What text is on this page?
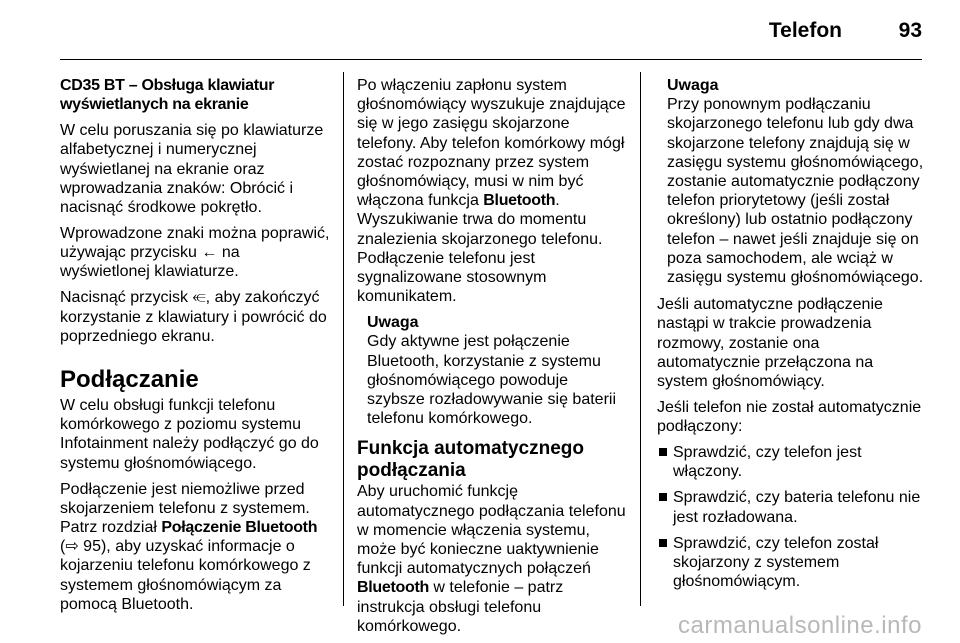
Telefon	93

CD35 BT – Obsługa klawiatur wyświetlanych na ekranie

W celu poruszania się po klawiaturze alfabetycznej i numerycznej wyświetlanej na ekranie oraz wprowadzania znaków: Obrócić i nacisnąć środkowe pokrętło.

Wprowadzone znaki można poprawić, używając przycisku ← na wyświetlonej klawiaturze.

Nacisnąć przycisk ⥺, aby zakończyć korzystanie z klawiatury i powrócić do poprzedniego ekranu.

Podłączanie

W celu obsługi funkcji telefonu komórkowego z poziomu systemu Infotainment należy podłączyć go do systemu głośnomówiącego.

Podłączenie jest niemożliwe przed skojarzeniem telefonu z systemem. Patrz rozdział Połączenie Bluetooth (⇨ 95), aby uzyskać informacje o kojarzeniu telefonu komórkowego z systemem głośnomówiącym za pomocą Bluetooth.

Po włączeniu zapłonu system głośnomówiący wyszukuje znajdujące się w jego zasięgu skojarzone telefony. Aby telefon komórkowy mógł zostać rozpoznany przez system głośnomówiący, musi w nim być włączona funkcja Bluetooth. Wyszukiwanie trwa do momentu znalezienia skojarzonego telefonu. Podłączenie telefonu jest sygnalizowane stosownym komunikatem.

Uwaga
Gdy aktywne jest połączenie Bluetooth, korzystanie z systemu głośnomówiącego powoduje szybsze rozładowywanie się baterii telefonu komórkowego.
Funkcja automatycznego podłączania

Aby uruchomić funkcję automatycznego podłączania telefonu w momencie włączenia systemu, może być konieczne uaktywnienie funkcji automatycznych połączeń Bluetooth w telefonie – patrz instrukcja obsługi telefonu komórkowego.

Uwaga
Przy ponownym podłączaniu skojarzonego telefonu lub gdy dwa skojarzone telefony znajdują się w zasięgu systemu głośnomówiącego, zostanie automatycznie podłączony telefon priorytetowy (jeśli został określony) lub ostatnio podłączony telefon – nawet jeśli znajduje się on poza samochodem, ale wciąż w zasięgu systemu głośnomówiącego.

Jeśli automatyczne podłączenie nastąpi w trakcie prowadzenia rozmowy, zostanie ona automatycznie przełączona na system głośnomówiący.

Jeśli telefon nie został automatycznie podłączony:

Sprawdzić, czy telefon jest włączony.
Sprawdzić, czy bateria telefonu nie jest rozładowana.
Sprawdzić, czy telefon został skojarzony z systemem głośnomówiącym.
carmanualsonline.info
